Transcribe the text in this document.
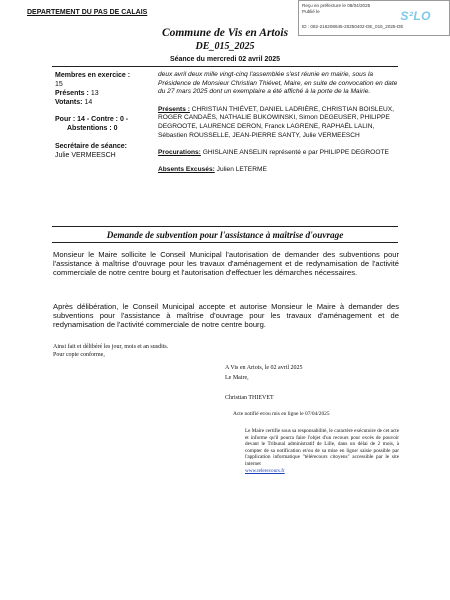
DEPARTEMENT DU PAS DE CALAIS
Reçu en préfecture le 08/04/2025
Publié le
ID : 062-216208645-20250402-DE_015_2025-DE
S²LO
Commune de Vis en Artois
DE_015_2025
Séance du mercredi 02 avril 2025
Membres en exercice :
15
Présents : 13
Votants: 14
Pour : 14 - Contre : 0 -
Abstentions : 0
Secrétaire de séance:
Julie VERMEESCH
deux avril deux mille vingt-cinq l'assemblée s'est réunie en mairie, sous la Présidence de Monsieur Christian Thiévet, Maire, en suite de convocation en date du 27 mars 2025 dont un exemplaire a été affiché à la porte de la Mairie.
Présents : CHRISTIAN THIÉVET, DANIEL LADRIÈRE, CHRISTIAN BOISLEUX, ROGER CANDAËS, NATHALIE BUKOWINSKI, Simon DEGEUSER, PHILIPPE DEGROOTE, LAURENCE DERON, Franck LAGRENE, RAPHAËL LALIN, Sébastien ROUSSELLE, JEAN-PIERRE SANTY, Julie VERMEESCH
Procurations: GHISLAINE ANSELIN représenté e par PHILIPPE DEGROOTE
Absents Excusés: Julien LETERME
Demande de subvention pour l'assistance à maîtrise d'ouvrage
Monsieur le Maire sollicite le Conseil Municipal l'autorisation de demander des subventions pour l'assistance à maîtrise d'ouvrage pour les travaux d'aménagement et de redynamisation de l'activité commerciale de notre centre bourg et l'autorisation d'effectuer les démarches nécessaires.
Après délibération, le Conseil Municipal accepte et autorise Monsieur le Maire à demander des subventions pour l'assistance à maîtrise d'ouvrage pour les travaux d'aménagement et de redynamisation de l'activité commerciale de notre centre bourg.
Ainsi fait et délibéré les jour, mois et an susdits.
Pour copie conforme,
A Vis en Artois, le 02 avril 2025
Le Maire,
Christian THIEVET
Acte notifié et/ou mis en ligne le 07/04/2025
Le Maire certifie sous sa responsabilité, le caractère exécutoire de cet acte et informe qu'il pourra faire l'objet d'un recours pour excès de pouvoir devant le Tribunal administratif de Lille, dans un délai de 2 mois, à compter de sa notification et/ou de sa mise en ligne/ saisie possible par l'application informatique "télérecours citoyens" accessible par le site internet
www.telerecours.fr
